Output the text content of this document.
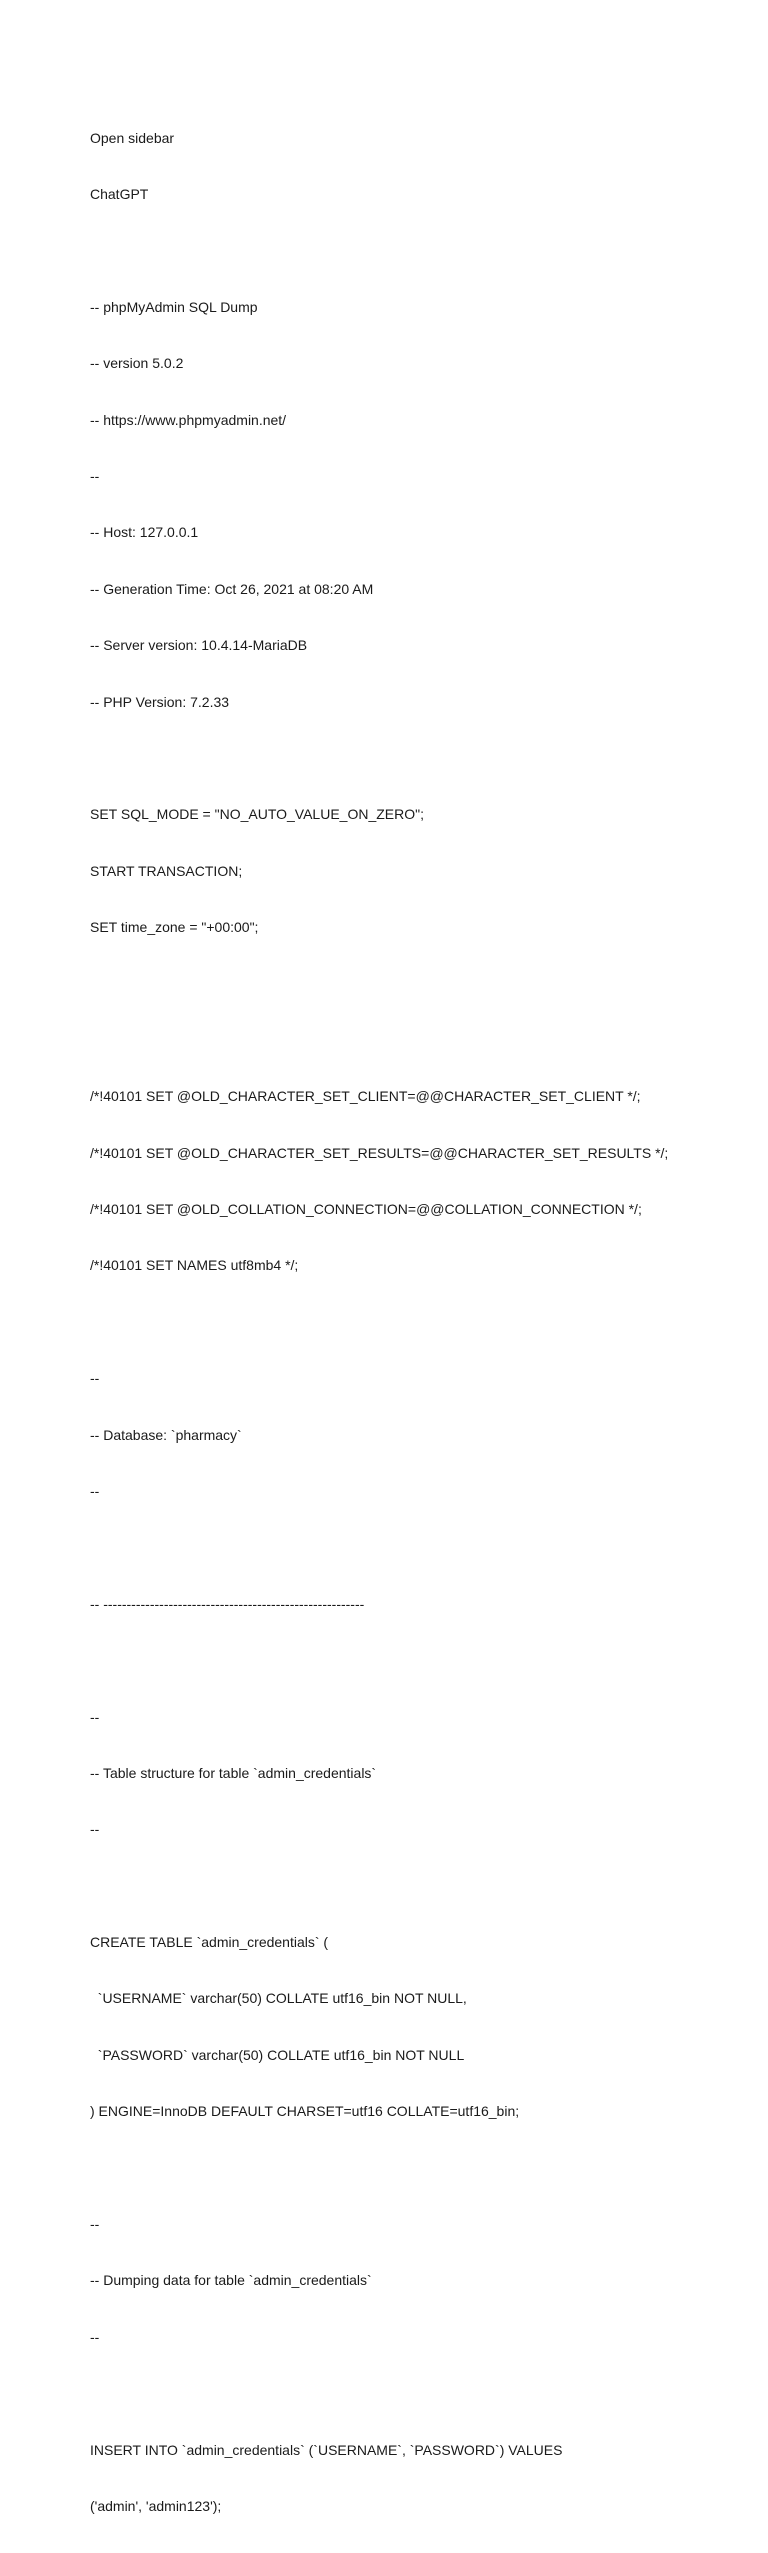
Open sidebar

ChatGPT

-- phpMyAdmin SQL Dump

-- version 5.0.2

-- https://www.phpmyadmin.net/

--

-- Host: 127.0.0.1

-- Generation Time: Oct 26, 2021 at 08:20 AM

-- Server version: 10.4.14-MariaDB

-- PHP Version: 7.2.33

SET SQL_MODE = "NO_AUTO_VALUE_ON_ZERO";

START TRANSACTION;

SET time_zone = "+00:00";

/*!40101 SET @OLD_CHARACTER_SET_CLIENT=@@CHARACTER_SET_CLIENT */;

/*!40101 SET @OLD_CHARACTER_SET_RESULTS=@@CHARACTER_SET_RESULTS */;

/*!40101 SET @OLD_COLLATION_CONNECTION=@@COLLATION_CONNECTION */;

/*!40101 SET NAMES utf8mb4 */;

--

-- Database: `pharmacy`

--

-- --------------------------------------------------------

--

-- Table structure for table `admin_credentials`

--

CREATE TABLE `admin_credentials` (

`USERNAME` varchar(50) COLLATE utf16_bin NOT NULL,

`PASSWORD` varchar(50) COLLATE utf16_bin NOT NULL

) ENGINE=InnoDB DEFAULT CHARSET=utf16 COLLATE=utf16_bin;

--

-- Dumping data for table `admin_credentials`

--

INSERT INTO `admin_credentials` (`USERNAME`, `PASSWORD`) VALUES

('admin', 'admin123');
